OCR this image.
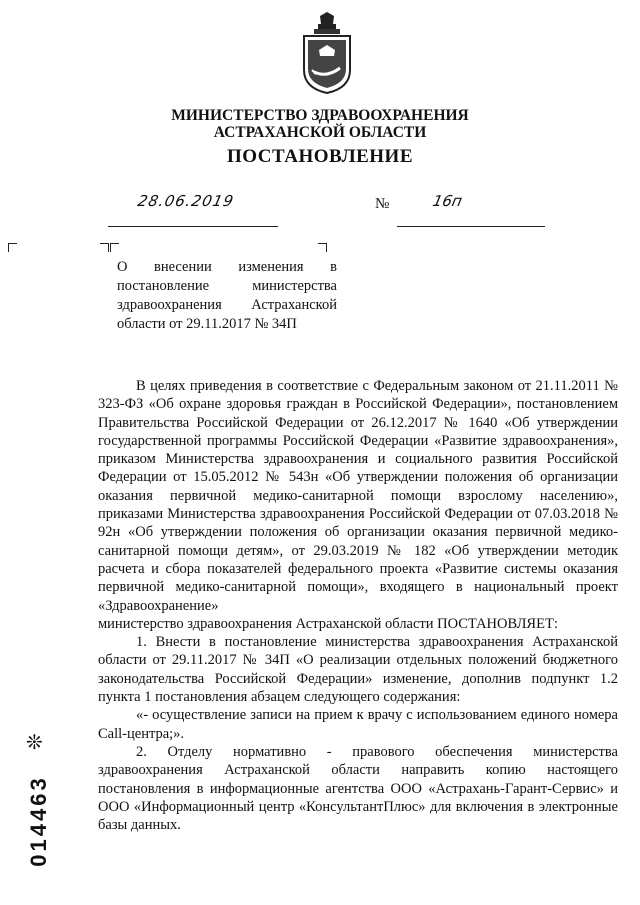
МИНИСТЕРСТВО ЗДРАВООХРАНЕНИЯ
АСТРАХАНСКОЙ ОБЛАСТИ
ПОСТАНОВЛЕНИЕ
28.06.2019	№	16п
О внесении изменения в постановление министерства здравоохранения Астраханской области от 29.11.2017 № 34П

В целях приведения в соответствие с Федеральным законом от 21.11.2011 № 323-ФЗ «Об охране здоровья граждан в Российской Федерации», постановлением Правительства Российской Федерации от 26.12.2017 № 1640 «Об утверждении государственной программы Российской Федерации «Развитие здравоохранения», приказом Министерства здравоохранения и социального развития Российской Федерации от 15.05.2012 № 543н «Об утверждении положения об организации оказания первичной медико-санитарной помощи взрослому населению», приказами Министерства здравоохранения Российской Федерации от 07.03.2018 № 92н «Об утверждении положения об организации оказания первичной медико-санитарной помощи детям», от 29.03.2019 № 182 «Об утверждении методик расчета и сбора показателей федерального проекта «Развитие системы оказания первичной медико-санитарной помощи», входящего в национальный проект «Здравоохранение»

министерство здравоохранения Астраханской области ПОСТАНОВЛЯЕТ:

1. Внести в постановление министерства здравоохранения Астраханской области от 29.11.2017 № 34П «О реализации отдельных положений бюджетного законодательства Российской Федерации» изменение, дополнив подпункт 1.2 пункта 1 постановления абзацем следующего содержания:

«- осуществление записи на прием к врачу с использованием единого номера Call-центра;».

2. Отделу нормативно - правового обеспечения министерства здравоохранения Астраханской области направить копию настоящего постановления в информационные агентства ООО «Астрахань-Гарант-Сервис» и ООО «Информационный центр «КонсультантПлюс» для включения в электронные базы данных.

❊
014463
